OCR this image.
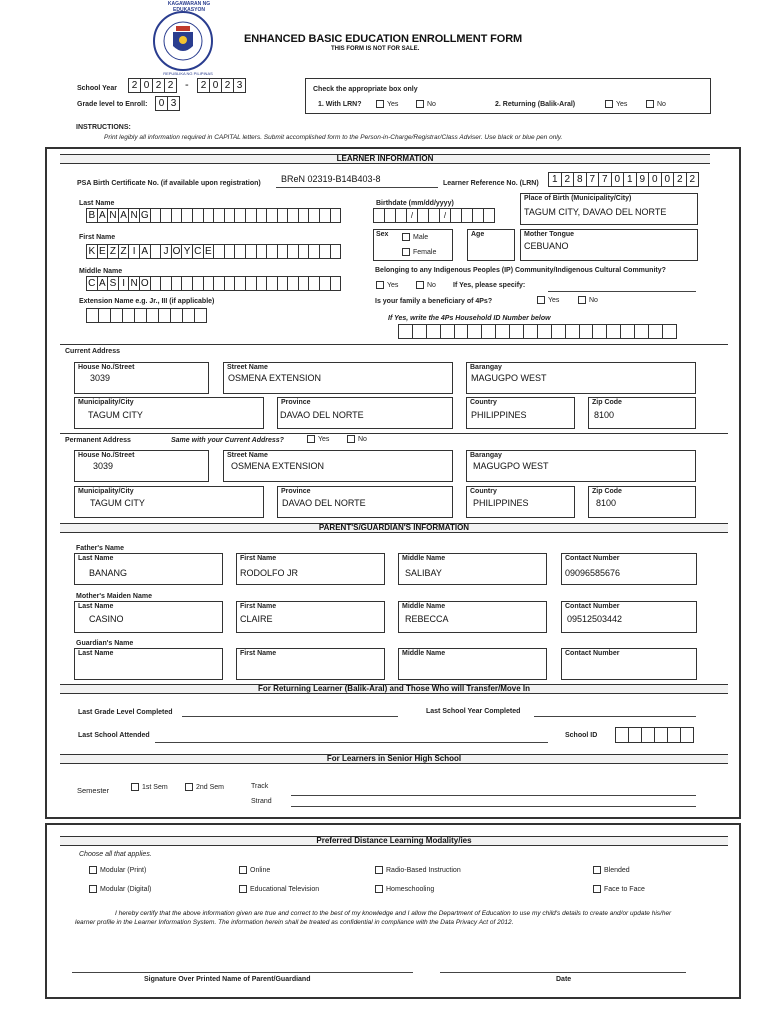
KAGAWARAN NG EDUKASYON
REPUBLIKA NG PILIPINAS
ENHANCED BASIC EDUCATION ENROLLMENT FORM
THIS FORM IS NOT FOR SALE.
School Year	2 0 2 2	-	2 0 2 3
Grade level to Enroll:	0 3
Check the appropriate box only
1. With LRN?	Yes	No	2. Returning (Balik-Aral)	Yes	No
INSTRUCTIONS:
Print legibly all information required in CAPITAL letters. Submit accomplished form to the Person-in-Charge/Registrar/Class Adviser. Use black or blue pen only.
LEARNER INFORMATION
PSA Birth Certificate No. (if available upon registration) BReN 02319-B14B403-8	Learner Reference No. (LRN)	1 2 8 7 7 0 1 9 0 0 2 2
Last Name
B A N A N G
First Name
K E Z Z I A	J O Y C E
Middle Name
C A S I N O
Extension Name e.g. Jr., III (if applicable)
Birthdate (mm/dd/yyyy)
/	/
Place of Birth (Municipality/City)
TAGUM CITY, DAVAO DEL NORTE
Sex	Male
Female
Age	Mother Tongue
CEBUANO
Belonging to any Indigenous Peoples (IP) Community/Indigenous Cultural Community?
Yes	No If Yes, please specify:
Is your family a beneficiary of 4Ps?	Yes	No
If Yes, write the 4Ps Household ID Number below
Current Address
House No./Street
3039
Street Name
OSMENA EXTENSION
Barangay
MAGUGPO WEST
Municipality/City
TAGUM CITY
Province
DAVAO DEL NORTE
Country
PHILIPPINES
Zip Code
8100
Permanent Address	Same with your Current Address?	Yes	No
House No./Street
3039
Street Name
OSMENA EXTENSION
Barangay
MAGUGPO WEST
Municipality/City
TAGUM CITY
Province
DAVAO DEL NORTE
Country
PHILIPPINES
Zip Code
8100
PARENT'S/GUARDIAN'S INFORMATION
Father's Name
Last Name
BANANG
First Name
RODOLFO JR
Middle Name
SALIBAY
Contact Number
09096585676
Mother's Maiden Name
Last Name
CASINO
First Name
CLAIRE
Middle Name
REBECCA
Contact Number
09512503442
Guardian's Name
Last Name	First Name	Middle Name	Contact Number
For Returning Learner (Balik-Aral) and Those Who will Transfer/Move In
Last Grade Level Completed	Last School Year Completed
Last School Attended	School ID
For Learners in Senior High School
Semester	1st Sem	2nd Sem	Track
Strand
Preferred Distance Learning Modality/ies
Choose all that applies.
Modular (Print)	Online	Radio-Based Instruction	Blended
Modular (Digital)	Educational Television	Homeschooling	Face to Face
I hereby certify that the above information given are true and correct to the best of my knowledge and I allow the Department of Education to use my child's details to create and/or update his/her learner profile in the Learner Information System. The information herein shall be treated as confidential in compliance with the Data Privacy Act of 2012.
Signature Over Printed Name of Parent/Guardiand	Date
